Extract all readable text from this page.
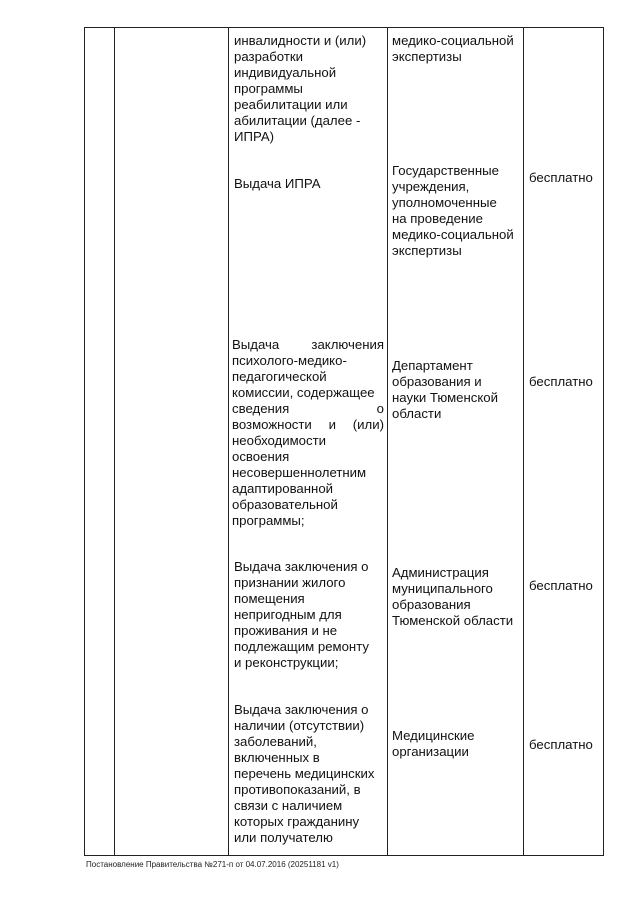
инвалидности и (или)
разработки
индивидуальной
программы
реабилитации или
абилитации (далее -
ИПРА)
медико-социальной
экспертизы
Выдача ИПРА
Государственные
учреждения,
уполномоченные
на проведение
медико-социальной
экспертизы
бесплатно
Выдача заключения
психолого-медико-
педагогической
комиссии, содержащее
сведения о
возможности и (или)
необходимости
освоения
несовершеннолетним
адаптированной
образовательной
программы;
Департамент
образования и
науки Тюменской
области
бесплатно
Выдача заключения о
признании жилого
помещения
непригодным для
проживания и не
подлежащим ремонту
и реконструкции;
Администрация
муниципального
образования
Тюменской области
бесплатно
Выдача заключения о
наличии (отсутствии)
заболеваний,
включенных в
перечень медицинских
противопоказаний, в
связи с наличием
которых гражданину
или получателю
Медицинские
организации	бесплатно
Постановление Правительства №271-п от 04.07.2016 (20251181 v1)
